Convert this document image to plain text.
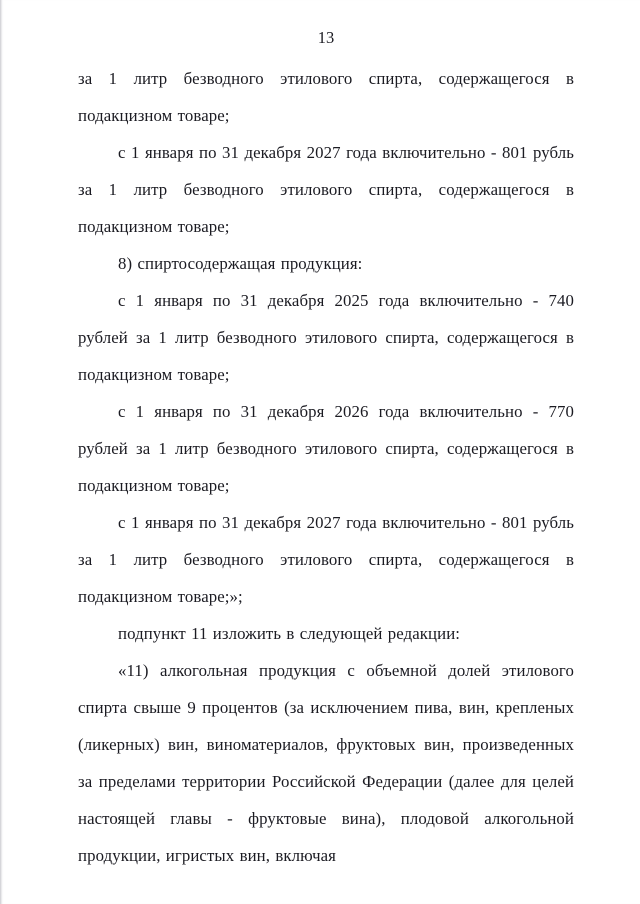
13

за 1 литр безводного этилового спирта, содержащегося в подакцизном товаре;

с 1 января по 31 декабря 2027 года включительно - 801 рубль за 1 литр безводного этилового спирта, содержащегося в подакцизном товаре;

8) спиртосодержащая продукция:

с 1 января по 31 декабря 2025 года включительно - 740 рублей за 1 литр безводного этилового спирта, содержащегося в подакцизном товаре;

с 1 января по 31 декабря 2026 года включительно - 770 рублей за 1 литр безводного этилового спирта, содержащегося в подакцизном товаре;

с 1 января по 31 декабря 2027 года включительно - 801 рубль за 1 литр безводного этилового спирта, содержащегося в подакцизном товаре;»;

подпункт 11 изложить в следующей редакции:

«11) алкогольная продукция с объемной долей этилового спирта свыше 9 процентов (за исключением пива, вин, крепленых (ликерных) вин, виноматериалов, фруктовых вин, произведенных за пределами территории Российской Федерации (далее для целей настоящей главы - фруктовые вина), плодовой алкогольной продукции, игристых вин, включая
